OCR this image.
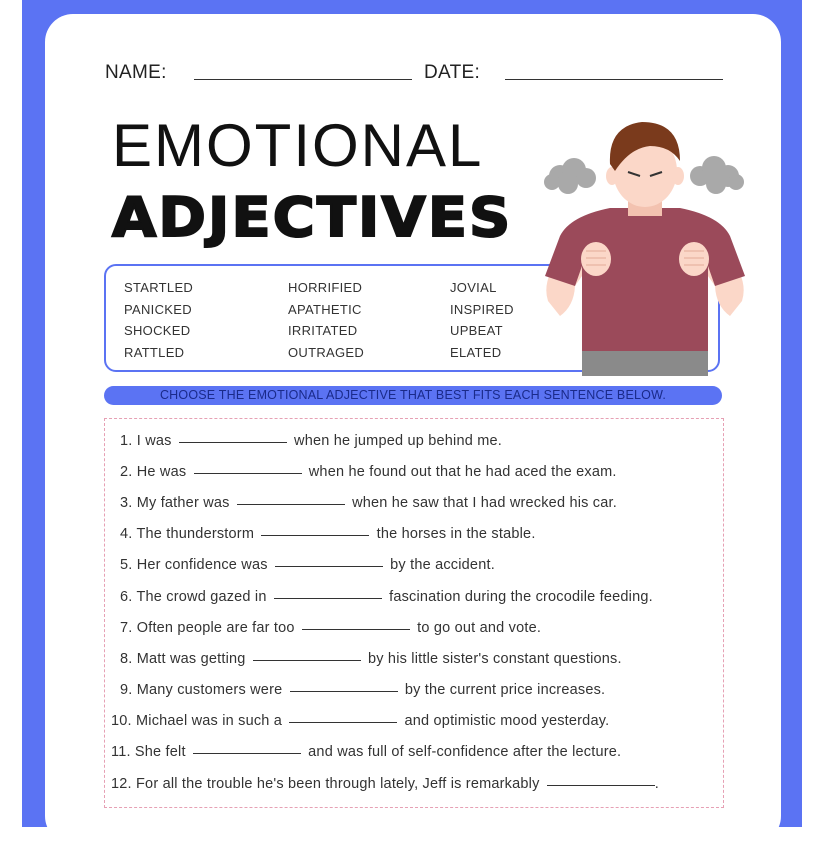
NAME:	DATE:
EMOTIONAL
ADJECTIVES
STARTLED	HORRIFIED	JOVIAL
PANICKED	APATHETIC	INSPIRED
SHOCKED	IRRITATED	UPBEAT
RATTLED	OUTRAGED	ELATED
CHOOSE THE EMOTIONAL ADJECTIVE THAT BEST FITS EACH SENTENCE BELOW.
1. I was	when he jumped up behind me.
2. He was	when he found out that he had aced the exam.
3. My father was	when he saw that I had wrecked his car.
4. The thunderstorm	the horses in the stable.
5. Her confidence was	by the accident.
6. The crowd gazed in	fascination during the crocodile feeding.
7. Often people are far too	to go out and vote.
8. Matt was getting	by his little sister's constant questions.
9. Many customers were	by the current price increases.
10. Michael was in such a	and optimistic mood yesterday.
11. She felt	and was full of self-confidence after the lecture.
12. For all the trouble he's been through lately, Jeff is remarkably	.
